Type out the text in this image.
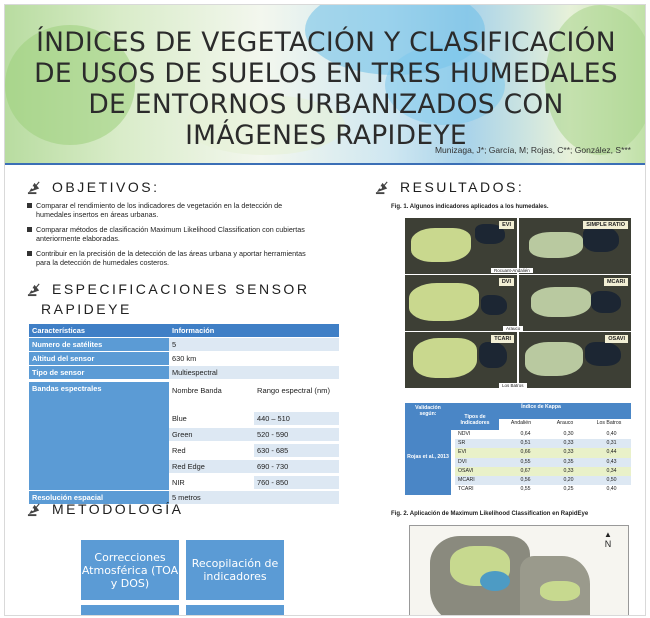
ÍNDICES DE VEGETACIÓN Y CLASIFICACIÓN DE USOS DE SUELOS EN TRES HUMEDALES DE ENTORNOS URBANIZADOS CON IMÁGENES RAPIDEYE
Munizaga, J*; García, M; Rojas, C**; González, S***
OBJETIVOS:
Comparar el rendimiento de los indicadores de vegetación en la detección de humedales insertos en áreas urbanas.
Comparar métodos de clasificación Maximum Likelihood Classification con cubiertas anteriormente elaboradas.
Contribuir en la precisión de la detección de las áreas urbana y aportar herramientas para la detección de humedales costeros.
ESPECIFICACIONES SENSOR
RAPIDEYE
Características	Información
Numero de satélites	5
Altitud del sensor	630 km
Tipo de sensor	Multiespectral
Bandas espectrales	Nombre Banda	Rango espectral (nm)
Blue	440 – 510
Green	520 - 590
Red	630 - 685
Red Edge	690 - 730
NIR	760 - 850
Resolución espacial	5 metros
METODOLOGÍA
Correcciones Atmosférica (TOA y DOS)
Recopilación de indicadores
RESULTADOS:
Fig. 1. Algunos indicadores aplicados a los humedales.
EVI	SIMPLE RATIO
DVI	MCARI
TCARI	OSAVI
Rocuant-Andalién
Arauco
Los Batros
Validación según:
Índice de Kappa
Tipos de Indicadores	Andalién	Arauco	Los Batros
Rojas et al., 2013
NDVI	0,64	0,30	0,40
SR	0,51	0,33	0,31
EVI	0,66	0,33	0,44
DVI	0,55	0,35	0,43
OSAVI	0,67	0,33	0,34
MCARI	0,56	0,20	0,50
TCARI	0,55	0,25	0,40
Fig. 2. Aplicación de Maximum Likelihood Classification en RapidEye
▲
N
